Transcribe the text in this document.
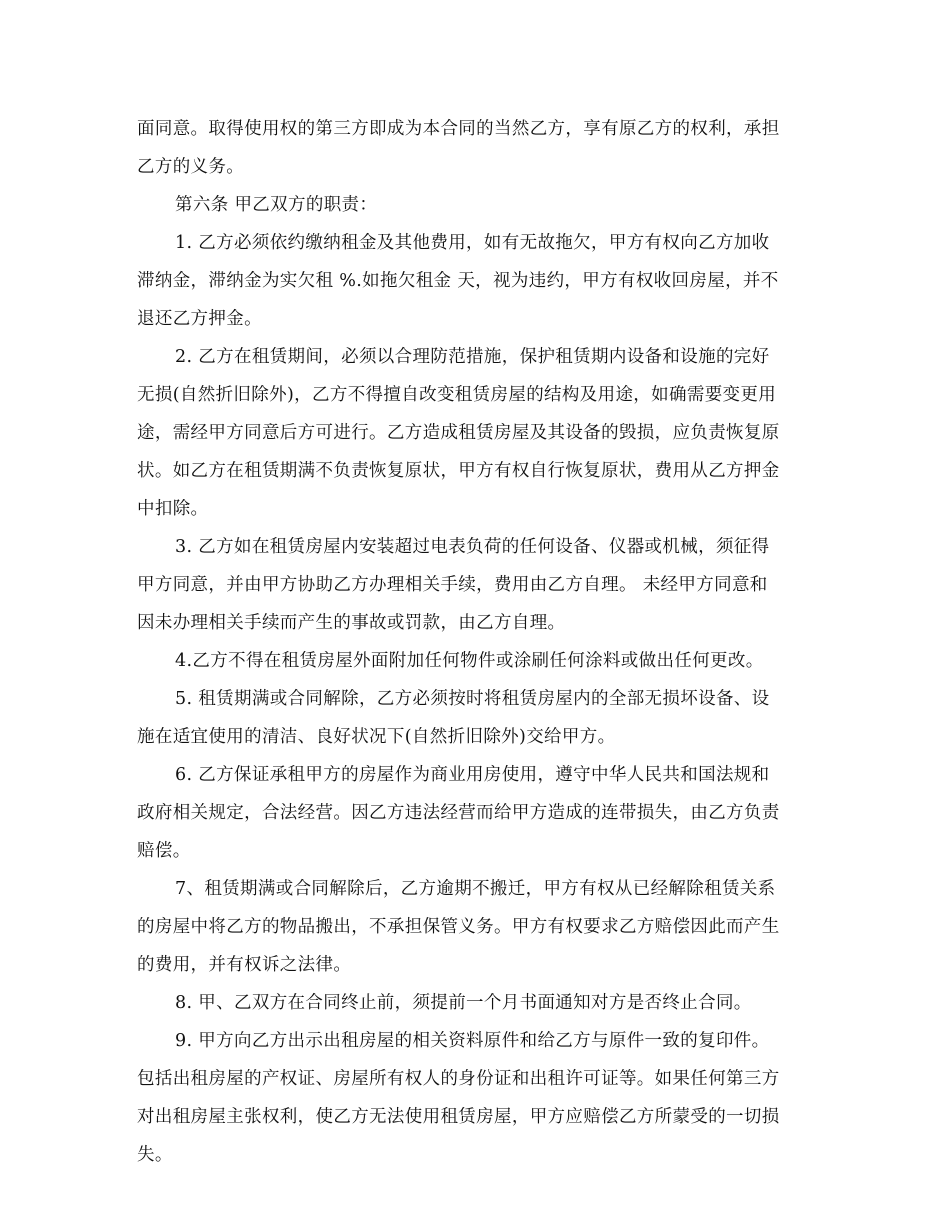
面同意。取得使用权的第三方即成为本合同的当然乙方，享有原乙方的权利，承担
乙方的义务。
第六条 甲乙双方的职责：
1. 乙方必须依约缴纳租金及其他费用，如有无故拖欠，甲方有权向乙方加收
滞纳金，滞纳金为实欠租 %.如拖欠租金 天，视为违约，甲方有权收回房屋，并不
退还乙方押金。
2. 乙方在租赁期间，必须以合理防范措施，保护租赁期内设备和设施的完好
无损(自然折旧除外)，乙方不得擅自改变租赁房屋的结构及用途，如确需要变更用
途，需经甲方同意后方可进行。乙方造成租赁房屋及其设备的毁损，应负责恢复原
状。如乙方在租赁期满不负责恢复原状，甲方有权自行恢复原状，费用从乙方押金
中扣除。
3. 乙方如在租赁房屋内安装超过电表负荷的任何设备、仪器或机械，须征得
甲方同意，并由甲方协助乙方办理相关手续，费用由乙方自理。 未经甲方同意和
因未办理相关手续而产生的事故或罚款，由乙方自理。
4.乙方不得在租赁房屋外面附加任何物件或涂刷任何涂料或做出任何更改。
5. 租赁期满或合同解除，乙方必须按时将租赁房屋内的全部无损坏设备、设
施在适宜使用的清洁、良好状况下(自然折旧除外)交给甲方。
6. 乙方保证承租甲方的房屋作为商业用房使用，遵守中华人民共和国法规和
政府相关规定，合法经营。因乙方违法经营而给甲方造成的连带损失，由乙方负责
赔偿。
7、租赁期满或合同解除后，乙方逾期不搬迁，甲方有权从已经解除租赁关系
的房屋中将乙方的物品搬出，不承担保管义务。甲方有权要求乙方赔偿因此而产生
的费用，并有权诉之法律。
8. 甲、乙双方在合同终止前，须提前一个月书面通知对方是否终止合同。
9. 甲方向乙方出示出租房屋的相关资料原件和给乙方与原件一致的复印件。
包括出租房屋的产权证、房屋所有权人的身份证和出租许可证等。如果任何第三方
对出租房屋主张权利，使乙方无法使用租赁房屋，甲方应赔偿乙方所蒙受的一切损
失。
